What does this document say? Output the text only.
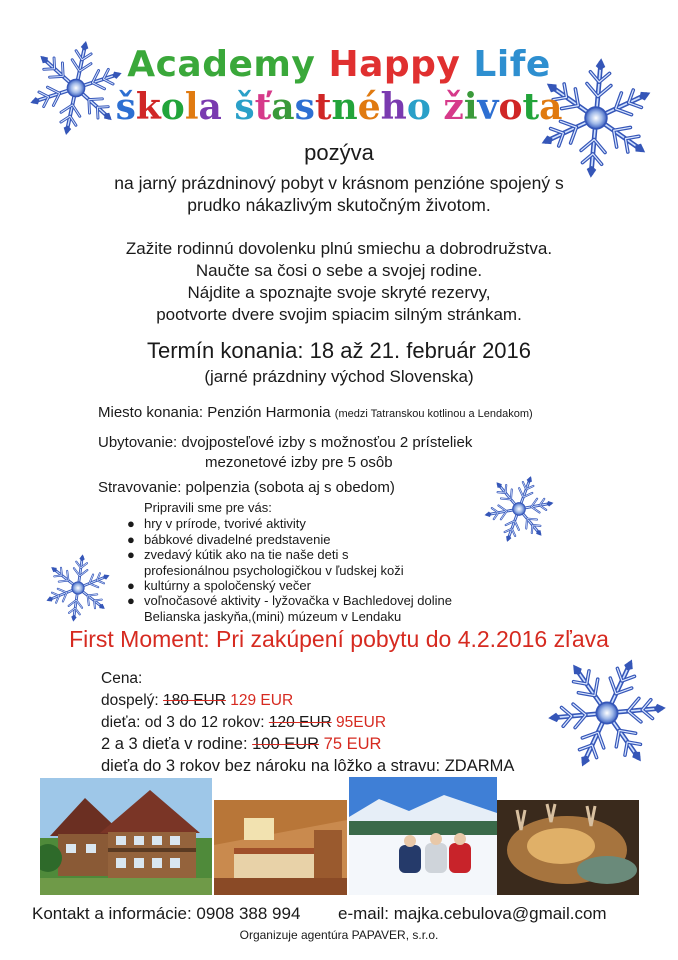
Academy Happy Life
škola šťastného života
pozýva
na jarný prázdninový pobyt v krásnom penzióne spojený s
prudko nákazlivým skutočným životom.
Zažite rodinnú dovolenku plnú smiechu a dobrodružstva.
Naučte sa čosi o sebe a svojej rodine.
Nájdite a spoznajte svoje skryté rezervy,
pootvorte dvere svojim spiacim silným stránkam.
Termín konania: 18 až 21. február 2016
(jarné prázdniny východ Slovenska)
Miesto konania: Penzión Harmonia (medzi Tatranskou kotlinou a Lendakom)
Ubytovanie: dvojposteľové izby s možnosťou 2 prísteliek
mezonetové izby pre 5 osôb
Stravovanie: polpenzia (sobota aj s obedom)
Pripravili sme pre vás:
● hry v prírode, tvorivé aktivity
● bábkové divadelné predstavenie
● zvedavý kútik ako na tie naše deti s
profesionálnou psychologičkou v ľudskej koži
● kultúrny a spoločenský večer
● voľnočasové aktivity - lyžovačka v Bachledovej doline
Belianska jaskyňa,(mini) múzeum v Lendaku
First Moment: Pri zakúpení pobytu do 4.2.2016 zľava
Cena:
dospelý: 180 EUR 129 EUR
dieťa: od 3 do 12 rokov: 120 EUR 95EUR
2 a 3 dieťa v rodine: 100 EUR 75 EUR
dieťa do 3 rokov bez nároku na lôžko a stravu: ZDARMA
Kontakt a informácie: 0908 388 994 e-mail: majka.cebulova@gmail.com
Organizuje agentúra PAPAVER, s.r.o.
